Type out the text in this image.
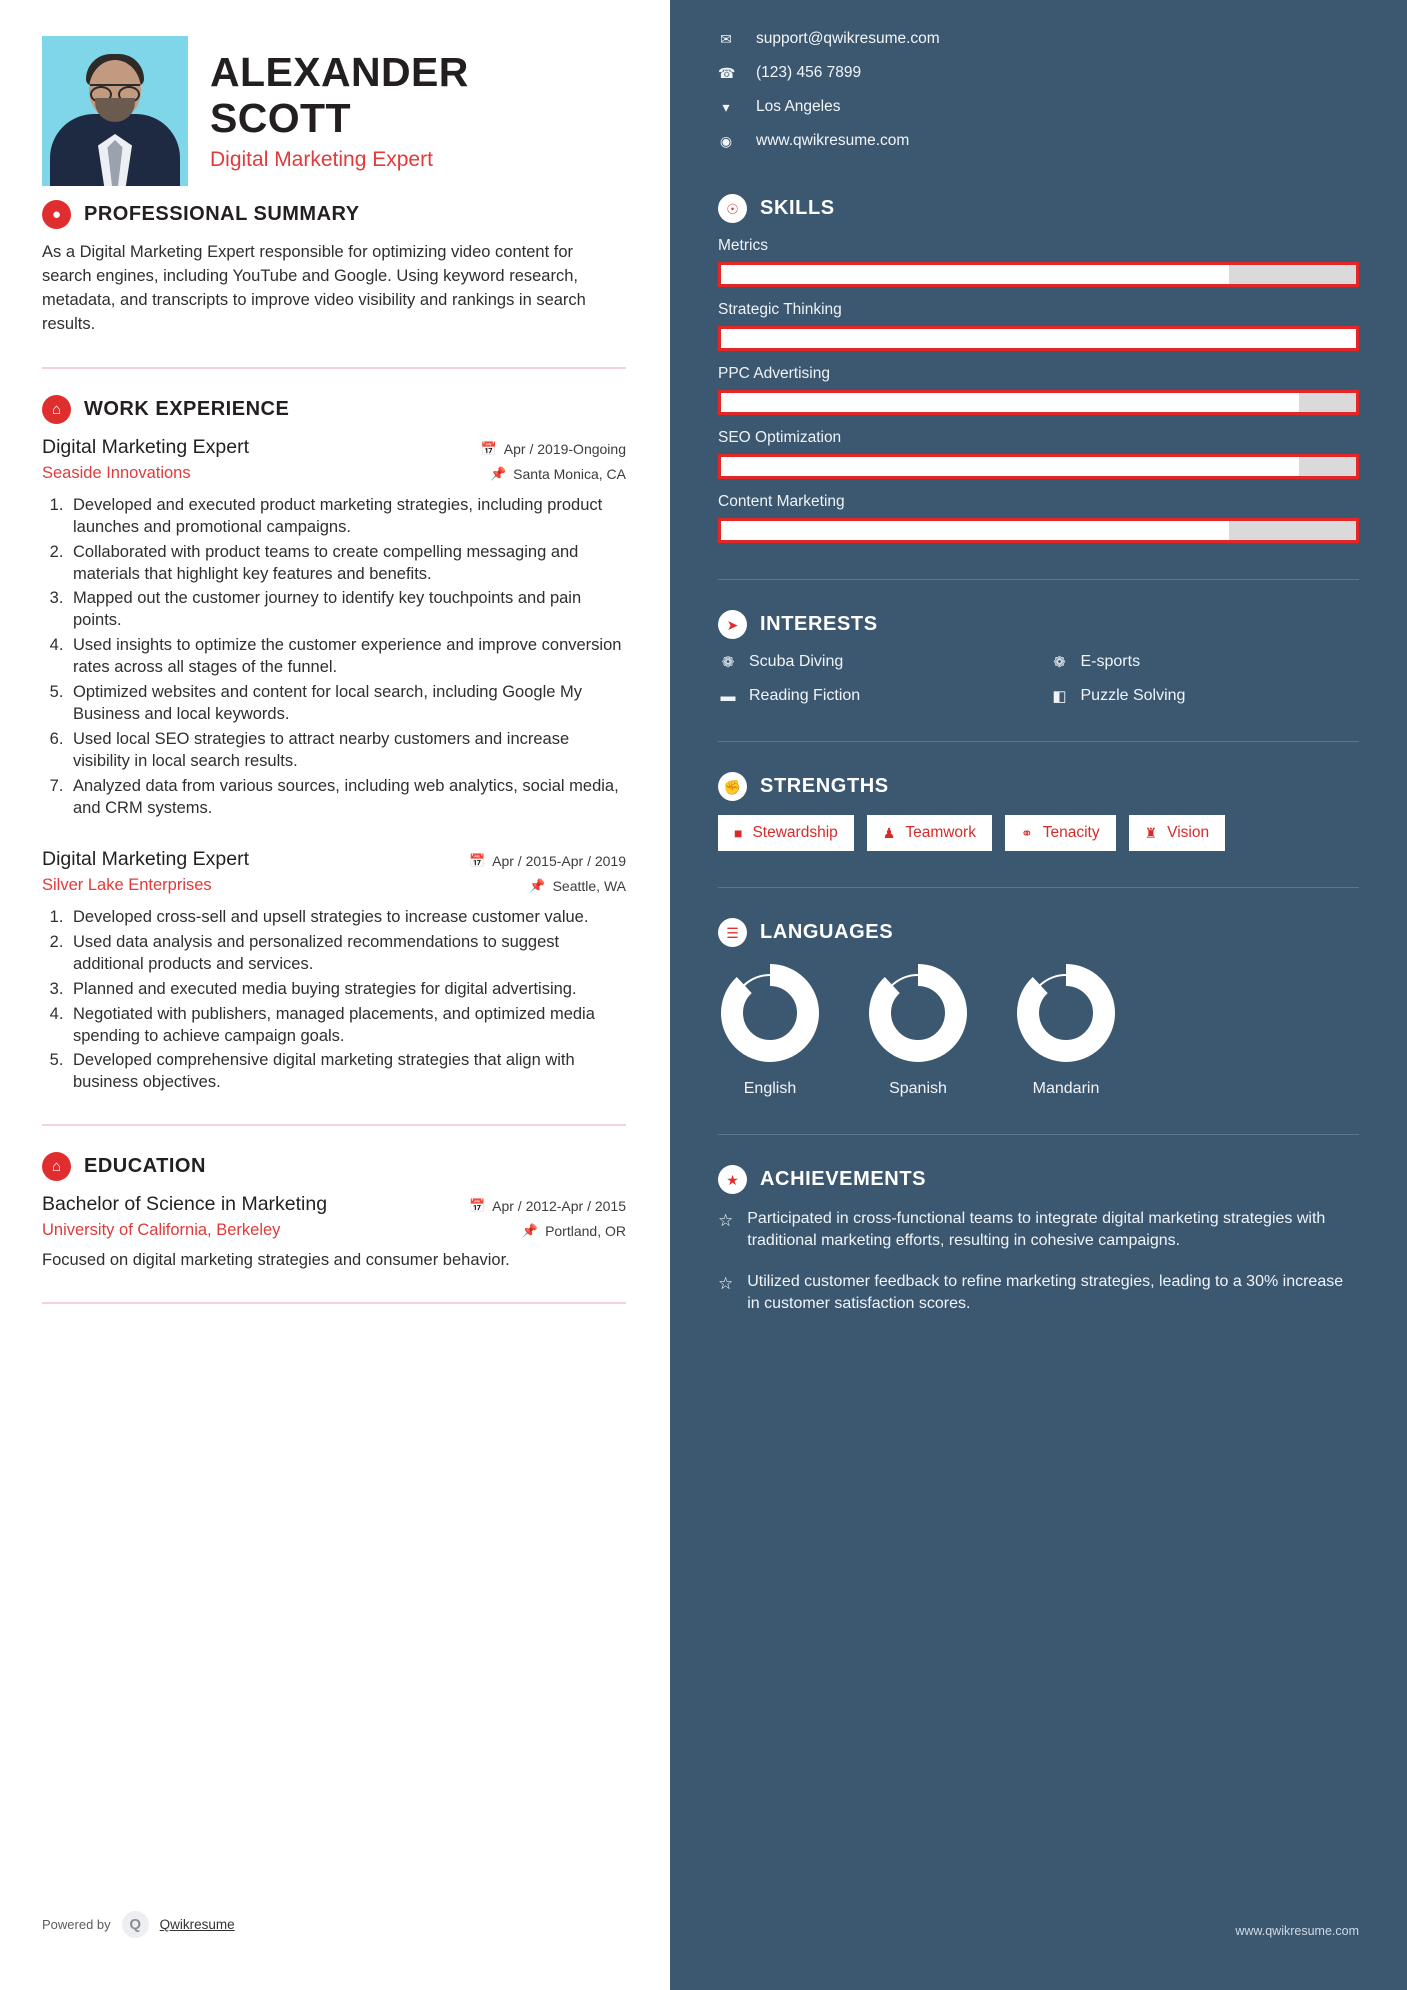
ALEXANDER
SCOTT
Digital Marketing Expert
●	PROFESSIONAL SUMMARY
As a Digital Marketing Expert responsible for optimizing video content for search engines, including YouTube and Google. Using keyword research, metadata, and transcripts to improve video visibility and rankings in search results.
⌂	WORK EXPERIENCE
Digital Marketing Expert
Seaside Innovations
📅 Apr / 2019-Ongoing
📌 Santa Monica, CA
1. Developed and executed product marketing strategies, including product launches and promotional campaigns.
2. Collaborated with product teams to create compelling messaging and materials that highlight key features and benefits.
3. Mapped out the customer journey to identify key touchpoints and pain points.
4. Used insights to optimize the customer experience and improve conversion rates across all stages of the funnel.
5. Optimized websites and content for local search, including Google My Business and local keywords.
6. Used local SEO strategies to attract nearby customers and increase visibility in local search results.
7. Analyzed data from various sources, including web analytics, social media, and CRM systems.
Digital Marketing Expert
Silver Lake Enterprises
📅 Apr / 2015-Apr / 2019
📌 Seattle, WA
1. Developed cross-sell and upsell strategies to increase customer value.
2. Used data analysis and personalized recommendations to suggest additional products and services.
3. Planned and executed media buying strategies for digital advertising.
4. Negotiated with publishers, managed placements, and optimized media spending to achieve campaign goals.
5. Developed comprehensive digital marketing strategies that align with business objectives.
⌂	EDUCATION
Bachelor of Science in Marketing
University of California, Berkeley
📅 Apr / 2012-Apr / 2015
📌 Portland, OR
Focused on digital marketing strategies and consumer behavior.
Powered by	Q	Qwikresume
✉ support@qwikresume.com
☎ (123) 456 7899
▾ Los Angeles
◉ www.qwikresume.com
☉	SKILLS
Metrics
Strategic Thinking
PPC Advertising
SEO Optimization
Content Marketing
➤	INTERESTS
❁ Scuba Diving	❁ E-sports
▬ Reading Fiction	◧ Puzzle Solving
✊ STRENGTHS
■ Stewardship	♟ Teamwork	⚭ Tenacity	♜ Vision
☰	LANGUAGES
English	Spanish	Mandarin
★	ACHIEVEMENTS
☆ Participated in cross-functional teams to integrate digital marketing strategies with traditional marketing efforts, resulting in cohesive campaigns.
☆ Utilized customer feedback to refine marketing strategies, leading to a 30% increase in customer satisfaction scores.
www.qwikresume.com
